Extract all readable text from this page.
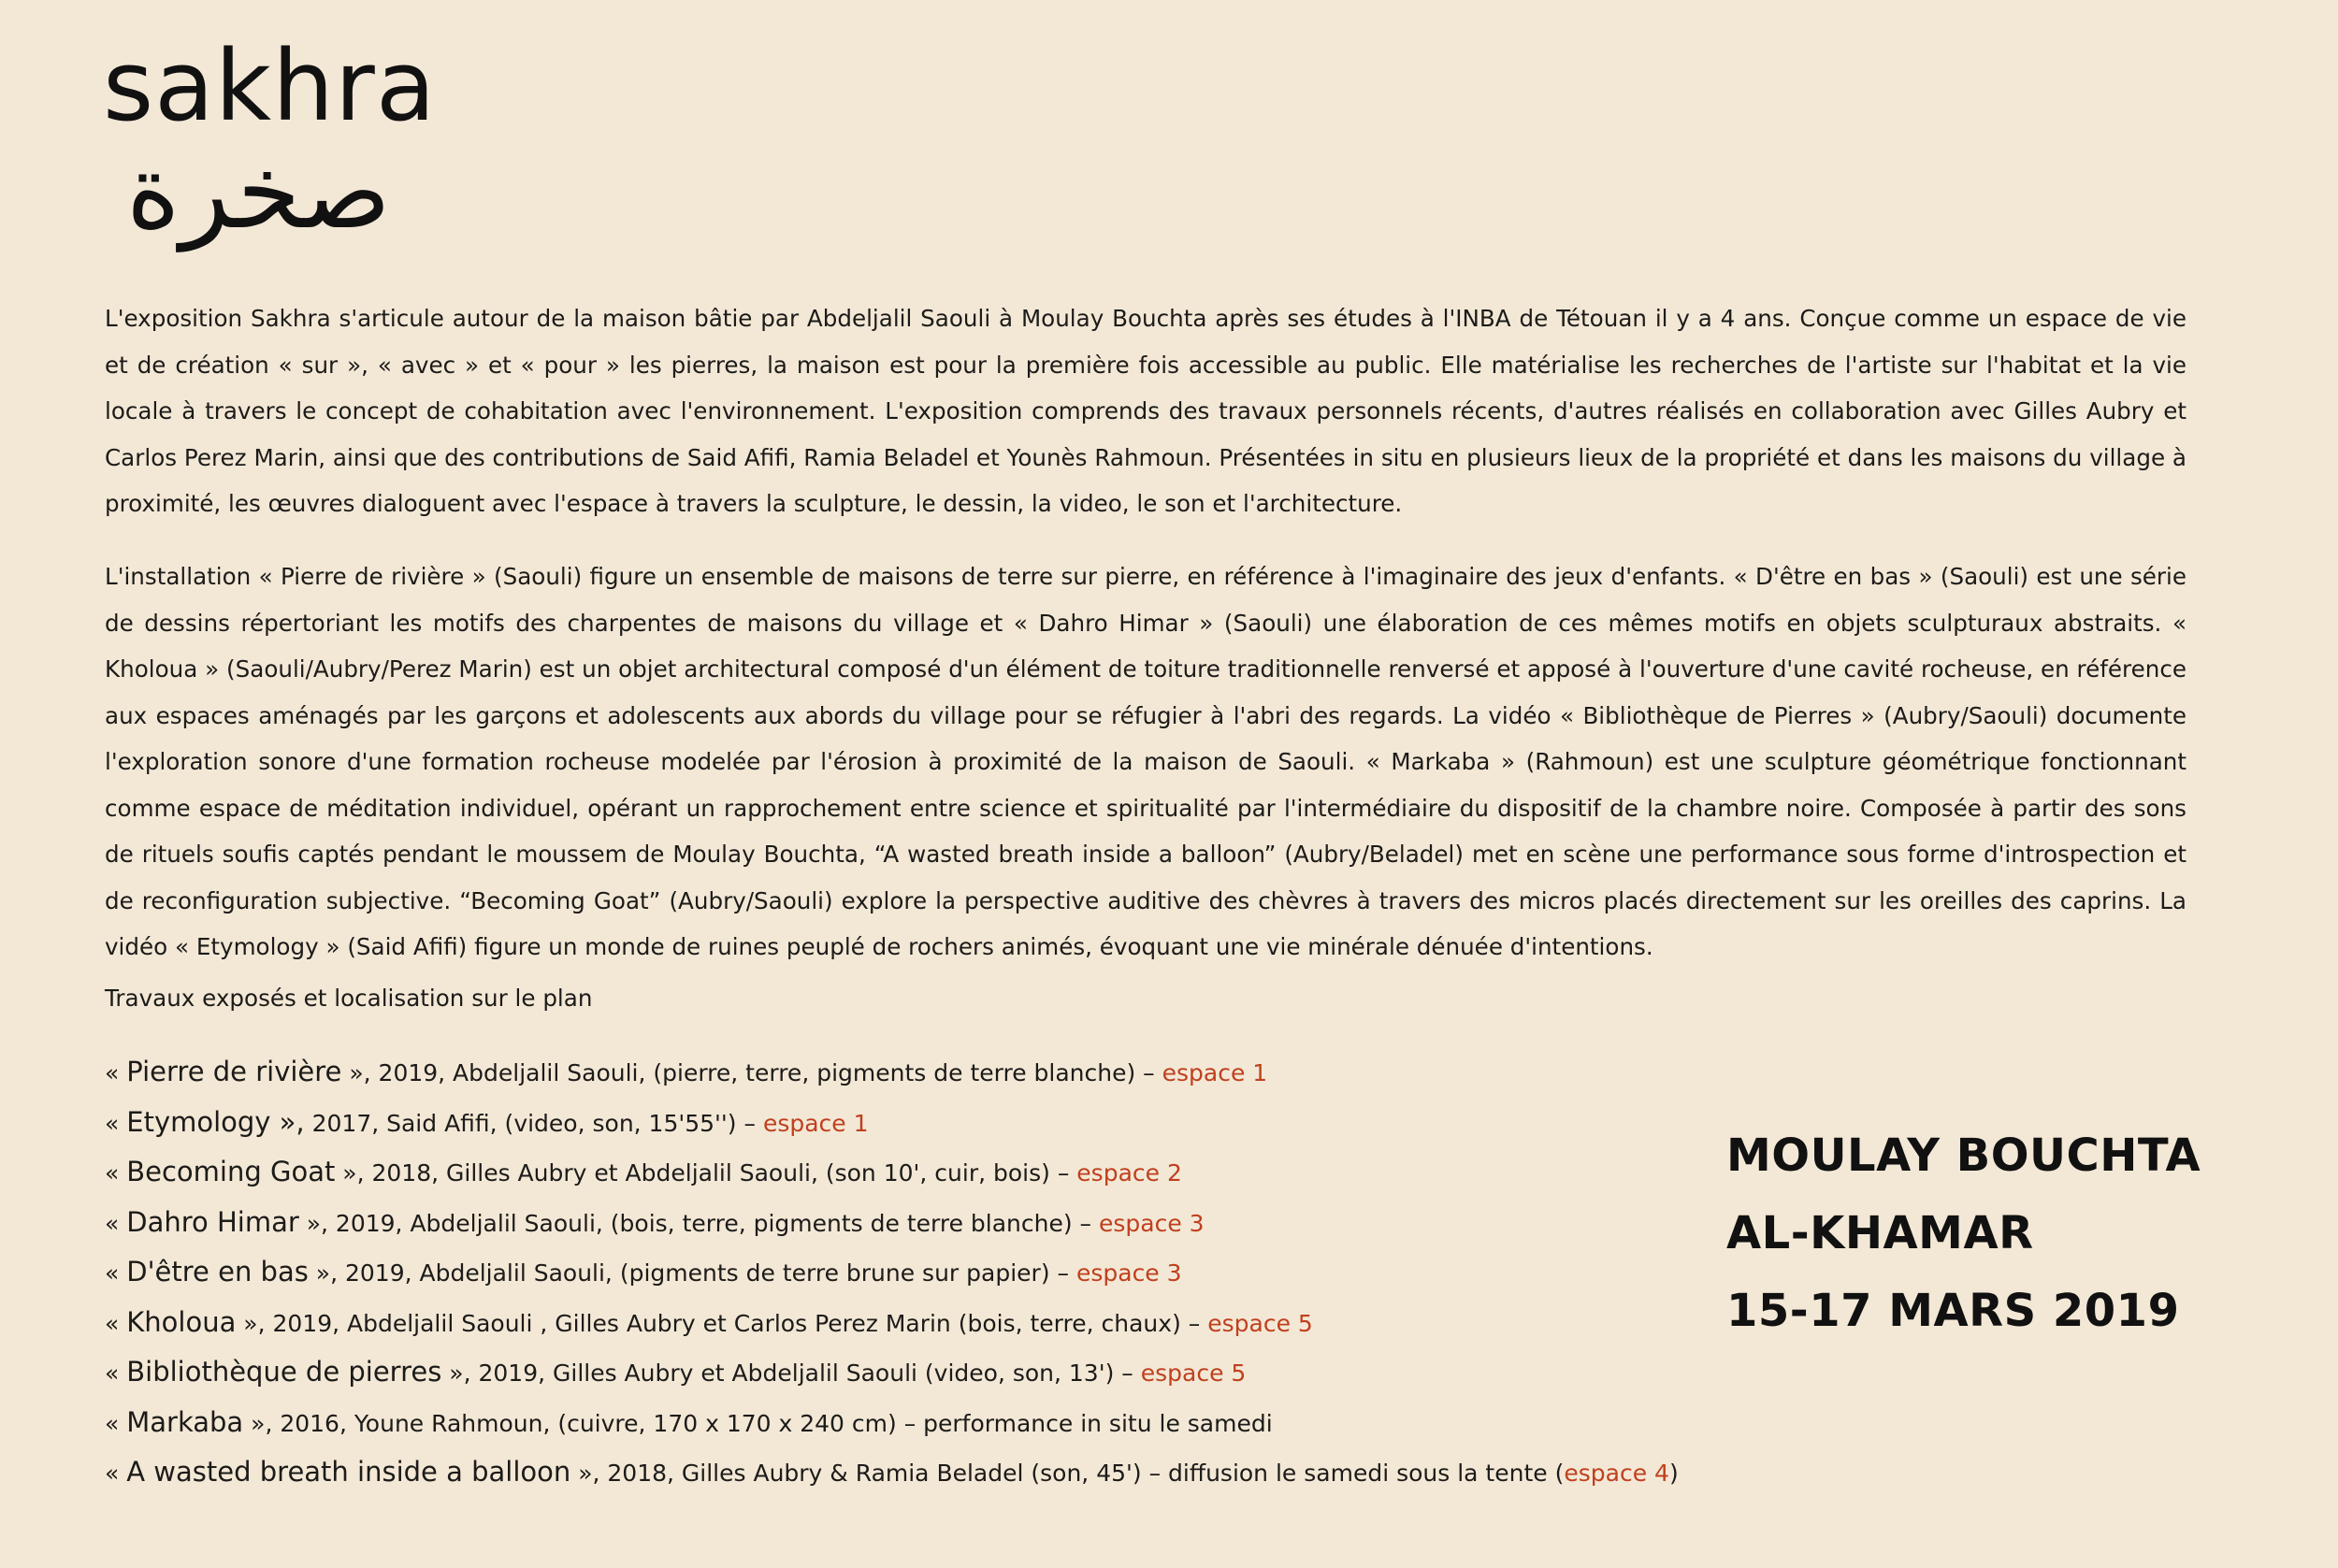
sakhra
صخرة

L'exposition Sakhra s'articule autour de la maison bâtie par Abdeljalil Saouli à Moulay Bouchta après ses études à l'INBA de Tétouan il y a 4 ans. Conçue comme un espace de vie et de création « sur », « avec » et « pour » les pierres, la maison est pour la première fois accessible au public. Elle matérialise les recherches de l'artiste sur l'habitat et la vie locale à travers le concept de cohabitation avec l'environnement. L'exposition comprends des travaux personnels récents, d'autres réalisés en collaboration avec Gilles Aubry et Carlos Perez Marin, ainsi que des contributions de Said Afifi, Ramia Beladel et Younès Rahmoun. Présentées in situ en plusieurs lieux de la propriété et dans les maisons du village à proximité, les œuvres dialoguent avec l'espace à travers la sculpture, le dessin, la video, le son et l'architecture.

L'installation « Pierre de rivière » (Saouli) figure un ensemble de maisons de terre sur pierre, en référence à l'imaginaire des jeux d'enfants. « D'être en bas » (Saouli) est une série de dessins répertoriant les motifs des charpentes de maisons du village et « Dahro Himar » (Saouli) une élaboration de ces mêmes motifs en objets sculpturaux abstraits. « Kholoua » (Saouli/Aubry/Perez Marin) est un objet architectural composé d'un élément de toiture traditionnelle renversé et apposé à l'ouverture d'une cavité rocheuse, en référence aux espaces aménagés par les garçons et adolescents aux abords du village pour se réfugier à l'abri des regards. La vidéo « Bibliothèque de Pierres » (Aubry/Saouli) documente l'exploration sonore d'une formation rocheuse modelée par l'érosion à proximité de la maison de Saouli. « Markaba » (Rahmoun) est une sculpture géométrique fonctionnant comme espace de méditation individuel, opérant un rapprochement entre science et spiritualité par l'intermédiaire du dispositif de la chambre noire. Composée à partir des sons de rituels soufis captés pendant le moussem de Moulay Bouchta, “A wasted breath inside a balloon” (Aubry/Beladel) met en scène une performance sous forme d'introspection et de reconfiguration subjective. “Becoming Goat” (Aubry/Saouli) explore la perspective auditive des chèvres à travers des micros placés directement sur les oreilles des caprins. La vidéo « Etymology » (Said Afifi) figure un monde de ruines peuplé de rochers animés, évoquant une vie minérale dénuée d'intentions.

Travaux exposés et localisation sur le plan

« Pierre de rivière », 2019, Abdeljalil Saouli, (pierre, terre, pigments de terre blanche) – espace 1
« Etymology », 2017, Said Afifi, (video, son, 15'55'') – espace 1
« Becoming Goat », 2018, Gilles Aubry et Abdeljalil Saouli, (son 10', cuir, bois) – espace 2
« Dahro Himar », 2019, Abdeljalil Saouli, (bois, terre, pigments de terre blanche) – espace 3
« D'être en bas », 2019, Abdeljalil Saouli, (pigments de terre brune sur papier) – espace 3
« Kholoua », 2019, Abdeljalil Saouli , Gilles Aubry et Carlos Perez Marin (bois, terre, chaux) – espace 5
« Bibliothèque de pierres », 2019, Gilles Aubry et Abdeljalil Saouli (video, son, 13') – espace 5
« Markaba », 2016, Youne Rahmoun, (cuivre, 170 x 170 x 240 cm) – performance in situ le samedi
« A wasted breath inside a balloon », 2018, Gilles Aubry & Ramia Beladel (son, 45') – diffusion le samedi sous la tente (espace 4)
MOULAY BOUCHTA
AL-KHAMAR
15-17 MARS 2019
